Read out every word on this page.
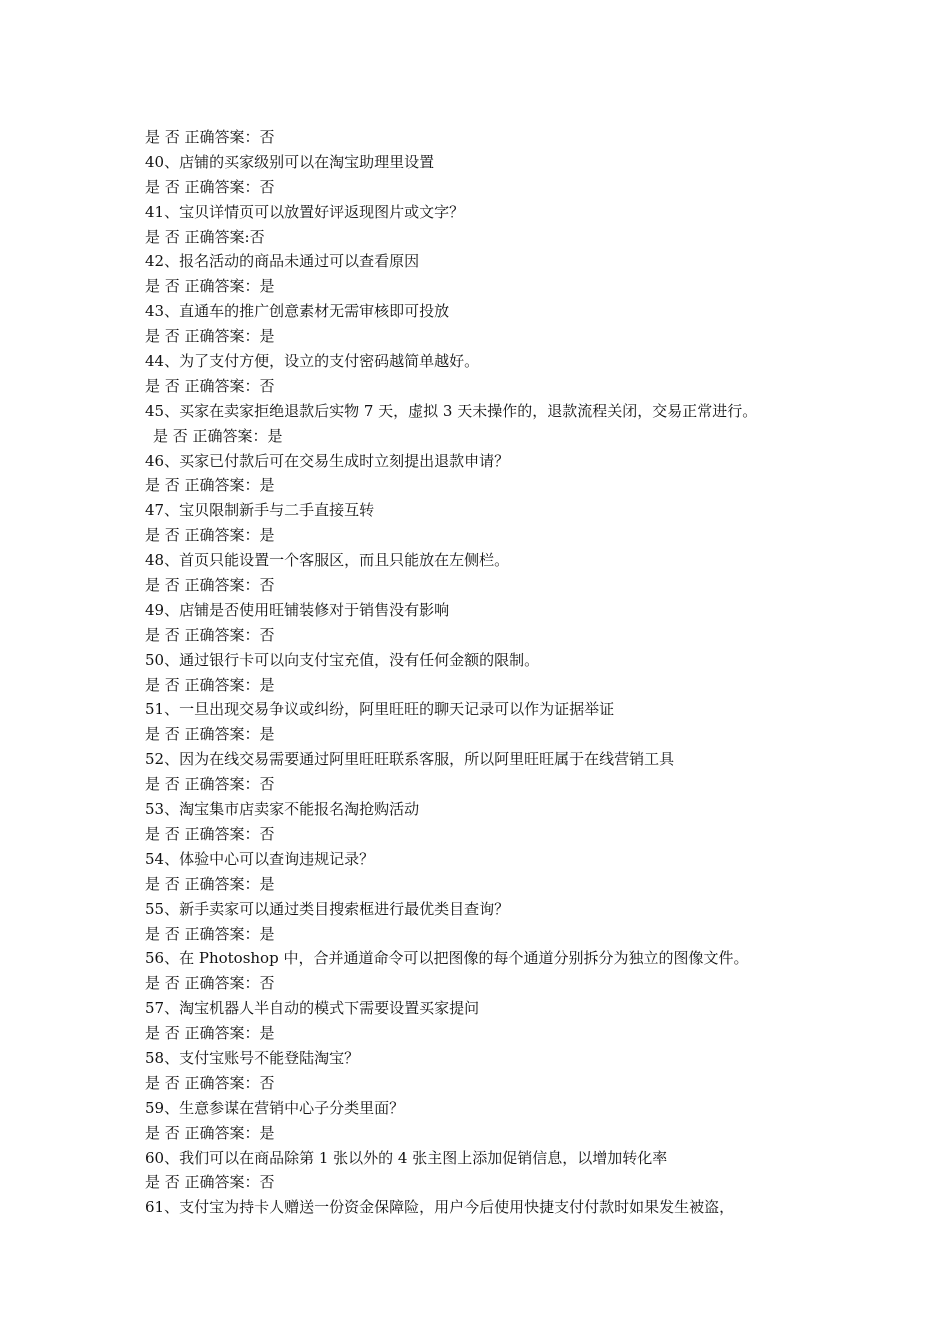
是 否 正确答案：否
40、店铺的买家级别可以在淘宝助理里设置
是 否 正确答案：否
41、宝贝详情页可以放置好评返现图片或文字？
是 否 正确答案:否
42、报名活动的商品未通过可以查看原因
是 否 正确答案：是
43、直通车的推广创意素材无需审核即可投放
是 否 正确答案：是
44、为了支付方便，设立的支付密码越简单越好。
是 否 正确答案：否
45、买家在卖家拒绝退款后实物 7 天，虚拟 3 天未操作的，退款流程关闭，交易正常进行。
是 否 正确答案：是
46、买家已付款后可在交易生成时立刻提出退款申请？
是 否 正确答案：是
47、宝贝限制新手与二手直接互转
是 否 正确答案：是
48、首页只能设置一个客服区，而且只能放在左侧栏。
是 否 正确答案：否
49、店铺是否使用旺铺装修对于销售没有影响
是 否 正确答案：否
50、通过银行卡可以向支付宝充值，没有任何金额的限制。
是 否 正确答案：是
51、一旦出现交易争议或纠纷，阿里旺旺的聊天记录可以作为证据举证
是 否 正确答案：是
52、因为在线交易需要通过阿里旺旺联系客服，所以阿里旺旺属于在线营销工具
是 否 正确答案：否
53、淘宝集市店卖家不能报名淘抢购活动
是 否 正确答案：否
54、体验中心可以查询违规记录？
是 否 正确答案：是
55、新手卖家可以通过类目搜索框进行最优类目查询？
是 否 正确答案：是
56、在 Photoshop 中，合并通道命令可以把图像的每个通道分别拆分为独立的图像文件。
是 否 正确答案：否
57、淘宝机器人半自动的模式下需要设置买家提问
是 否 正确答案：是
58、支付宝账号不能登陆淘宝？
是 否 正确答案：否
59、生意参谋在营销中心子分类里面？
是 否 正确答案：是
60、我们可以在商品除第 1 张以外的 4 张主图上添加促销信息，以增加转化率
是 否 正确答案：否
61、支付宝为持卡人赠送一份资金保障险，用户今后使用快捷支付付款时如果发生被盗，
